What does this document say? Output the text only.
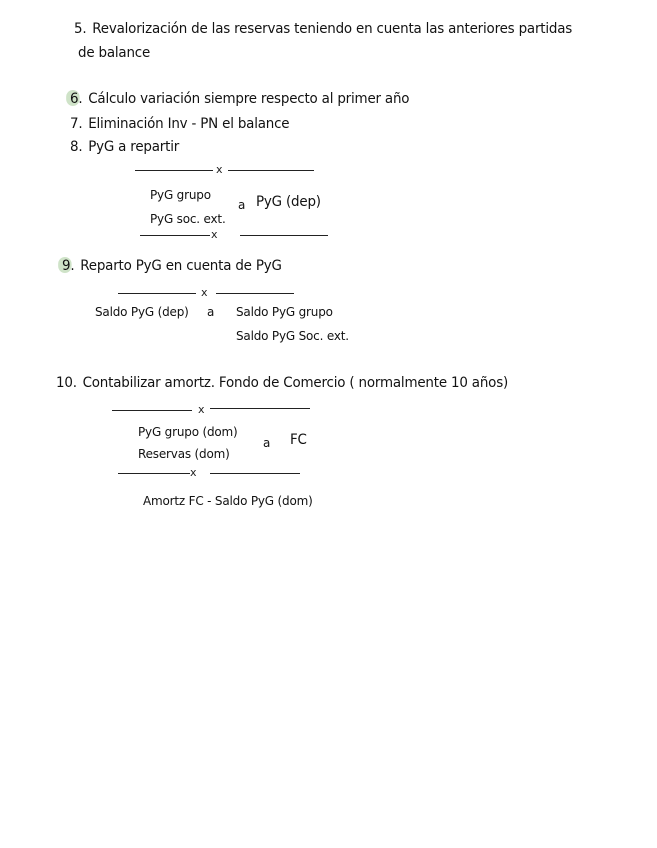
5. Revalorización de las reservas teniendo en cuenta las anteriores partidas
de balance
6. Cálculo variación siempre respecto al primer año
7. Eliminación Inv - PN el balance
8. PyG a repartir
x
PyG grupo
PyG soc. ext.
a PyG (dep)
x
9. Reparto PyG en cuenta de PyG
x
Saldo PyG (dep) a Saldo PyG grupo
Saldo PyG Soc. ext.
10. Contabilizar amortz. Fondo de Comercio ( normalmente 10 años)
x
PyG grupo (dom)
Reservas (dom)
a FC
x
Amortz FC - Saldo PyG (dom)
